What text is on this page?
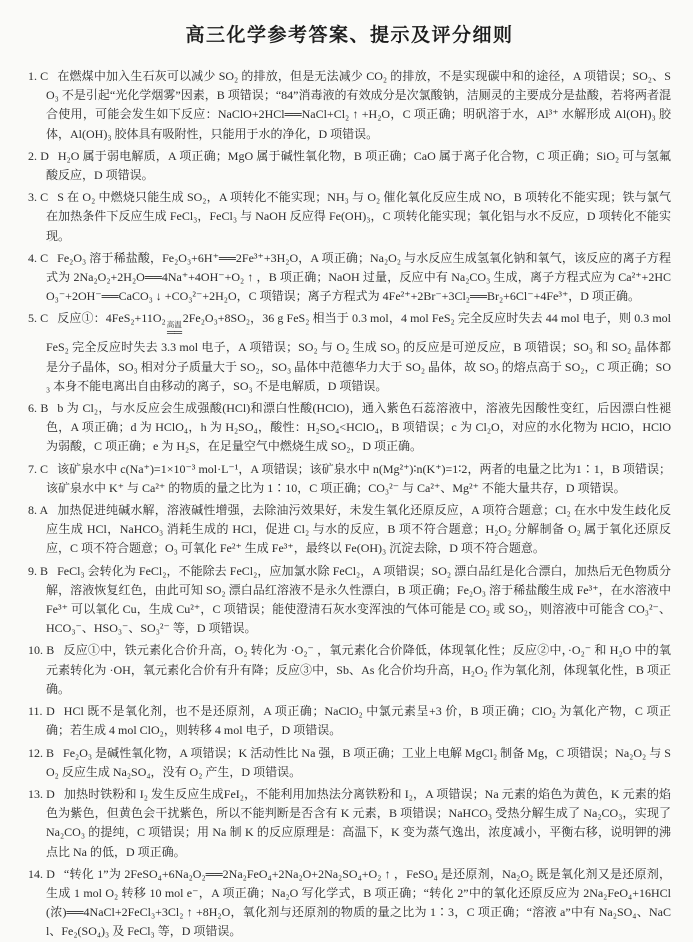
高三化学参考答案、提示及评分细则

1. C 在燃煤中加入生石灰可以减少 SO₂ 的排放，但是无法减少 CO₂ 的排放，不是实现碳中和的途径，A 项错误；SO₂、SO₃ 不是引起“光化学烟雾”因素，B 项错误；“84”消毒液的有效成分是次氯酸钠，洁厕灵的主要成分是盐酸，若将两者混合使用，可能会发生如下反应：NaClO+2HCl══NaCl+Cl₂ ↑ +H₂O，C 项正确；明矾溶于水，Al³⁺ 水解形成 Al(OH)₃ 胶体，Al(OH)₃ 胶体具有吸附性，只能用于水的净化，D 项错误。

2. D H₂O 属于弱电解质，A 项正确；MgO 属于碱性氧化物，B 项正确；CaO 属于离子化合物，C 项正确；SiO₂ 可与氢氟酸反应，D 项错误。

3. C S 在 O₂ 中燃烧只能生成 SO₂，A 项转化不能实现；NH₃ 与 O₂ 催化氧化反应生成 NO，B 项转化不能实现；铁与氯气在加热条件下反应生成 FeCl₃，FeCl₃ 与 NaOH 反应得 Fe(OH)₃，C 项转化能实现；氧化铝与水不反应，D 项转化不能实现。

4. C Fe₂O₃ 溶于稀盐酸，Fe₂O₃+6H⁺══2Fe³⁺+3H₂O，A 项正确；Na₂O₂ 与水反应生成氢氧化钠和氧气，该反应的离子方程式为 2Na₂O₂+2H₂O══4Na⁺+4OH⁻+O₂ ↑ ，B 项正确；NaOH 过量，反应中有 Na₂CO₃ 生成，离子方程式应为 Ca²⁺+2HCO₃⁻+2OH⁻══CaCO₃ ↓ +CO₃²⁻+2H₂O，C 项错误；离子方程式为 4Fe²⁺+2Br⁻+3Cl₂══Br₂+6Cl⁻+4Fe³⁺，D 项正确。

5. C 反应①：4FeS₂+11O₂ 高温
══
2Fe₂O₃+8SO₂，36 g FeS₂ 相当于 0.3 mol，4 mol FeS₂ 完全反应时失去 44 mol 电子，则 0.3 mol FeS₂ 完全反应时失去 3.3 mol 电子，A 项错误；SO₂ 与 O₂ 生成 SO₃ 的反应是可逆反应，B 项错误；SO₃ 和 SO₂ 晶体都是分子晶体，SO₃ 相对分子质量大于 SO₂，SO₃ 晶体中范德华力大于 SO₂ 晶体，故 SO₃ 的熔点高于 SO₂，C 项正确；SO₃ 本身不能电离出自由移动的离子，SO₃ 不是电解质，D 项错误。

6. B b 为 Cl₂，与水反应会生成强酸(HCl)和漂白性酸(HClO)，通入紫色石蕊溶液中，溶液先因酸性变红，后因漂白性褪色，A 项正确；d 为 HClO₄，h 为 H₂SO₄，酸性：H₂SO₄<HClO₄，B 项错误；c 为 Cl₂O，对应的水化物为 HClO，HClO 为弱酸，C 项正确；e 为 H₂S，在足量空气中燃烧生成 SO₂，D 项正确。

7. C 该矿泉水中 c(Na⁺)=1×10⁻³ mol·L⁻¹，A 项错误；该矿泉水中 n(Mg²⁺)∶n(K⁺)=1∶2，两者的电量之比为1∶1，B 项错误；该矿泉水中 K⁺ 与 Ca²⁺ 的物质的量之比为 1∶10，C 项正确；CO₃²⁻ 与 Ca²⁺、Mg²⁺ 不能大量共存，D 项错误。

8. A 加热促进纯碱水解，溶液碱性增强，去除油污效果好，未发生氧化还原反应，A 项符合题意；Cl₂ 在水中发生歧化反应生成 HCl，NaHCO₃ 消耗生成的 HCl，促进 Cl₂ 与水的反应，B 项不符合题意；H₂O₂ 分解制备 O₂ 属于氧化还原反应，C 项不符合题意；O₃ 可氧化 Fe²⁺ 生成 Fe³⁺，最终以 Fe(OH)₃ 沉淀去除，D 项不符合题意。

9. B FeCl₃ 会转化为 FeCl₂，不能除去 FeCl₂，应加氯水除 FeCl₂，A 项错误；SO₂ 漂白品红是化合漂白，加热后无色物质分解，溶液恢复红色，由此可知 SO₂ 漂白品红溶液不是永久性漂白，B 项正确；Fe₂O₃ 溶于稀盐酸生成 Fe³⁺，在水溶液中 Fe³⁺ 可以氧化 Cu，生成 Cu²⁺，C 项错误；能使澄清石灰水变浑浊的气体可能是 CO₂ 或 SO₂，则溶液中可能含 CO₃²⁻、HCO₃⁻、HSO₃⁻、SO₃²⁻ 等，D 项错误。

10. B 反应①中，铁元素化合价升高，O₂ 转化为 ·O₂⁻ ，氧元素化合价降低，体现氧化性；反应②中，·O₂⁻ 和 H₂O 中的氧元素转化为 ·OH，氧元素化合价有升有降；反应③中，Sb、As 化合价均升高，H₂O₂ 作为氧化剂，体现氧化性，B 项正确。

11. D HCl 既不是氧化剂，也不是还原剂，A 项正确；NaClO₂ 中氯元素呈+3 价，B 项正确；ClO₂ 为氧化产物，C 项正确；若生成 4 mol ClO₂，则转移 4 mol 电子，D 项错误。

12. B Fe₂O₃ 是碱性氧化物，A 项错误；K 活动性比 Na 强，B 项正确；工业上电解 MgCl₂ 制备 Mg，C 项错误；Na₂O₂ 与 SO₂ 反应生成 Na₂SO₄，没有 O₂ 产生，D 项错误。

13. D 加热时铁粉和 I₂ 发生反应生成FeI₂，不能利用加热法分离铁粉和 I₂，A 项错误；Na 元素的焰色为黄色，K 元素的焰色为紫色，但黄色会干扰紫色，所以不能判断是否含有 K 元素，B 项错误；NaHCO₃ 受热分解生成了 Na₂CO₃，实现了 Na₂CO₃ 的提纯，C 项错误；用 Na 制 K 的反应原理是：高温下，K 变为蒸气逸出，浓度减小，平衡右移，说明钾的沸点比 Na 的低，D 项正确。

14. D “转化 1”为 2FeSO₄+6Na₂O₂══2Na₂FeO₄+2Na₂O+2Na₂SO₄+O₂ ↑ ，FeSO₄ 是还原剂，Na₂O₂ 既是氧化剂又是还原剂，生成 1 mol O₂ 转移 10 mol e⁻，A 项正确；Na₂O 写化学式，B 项正确；“转化 2”中的氧化还原反应为 2Na₂FeO₄+16HCl(浓)══4NaCl+2FeCl₃+3Cl₂ ↑ +8H₂O，氧化剂与还原剂的物质的量之比为 1∶3，C 项正确；“溶液 a”中有 Na₂SO₄、NaCl、Fe₂(SO₄)₃ 及 FeCl₃ 等，D 项错误。
